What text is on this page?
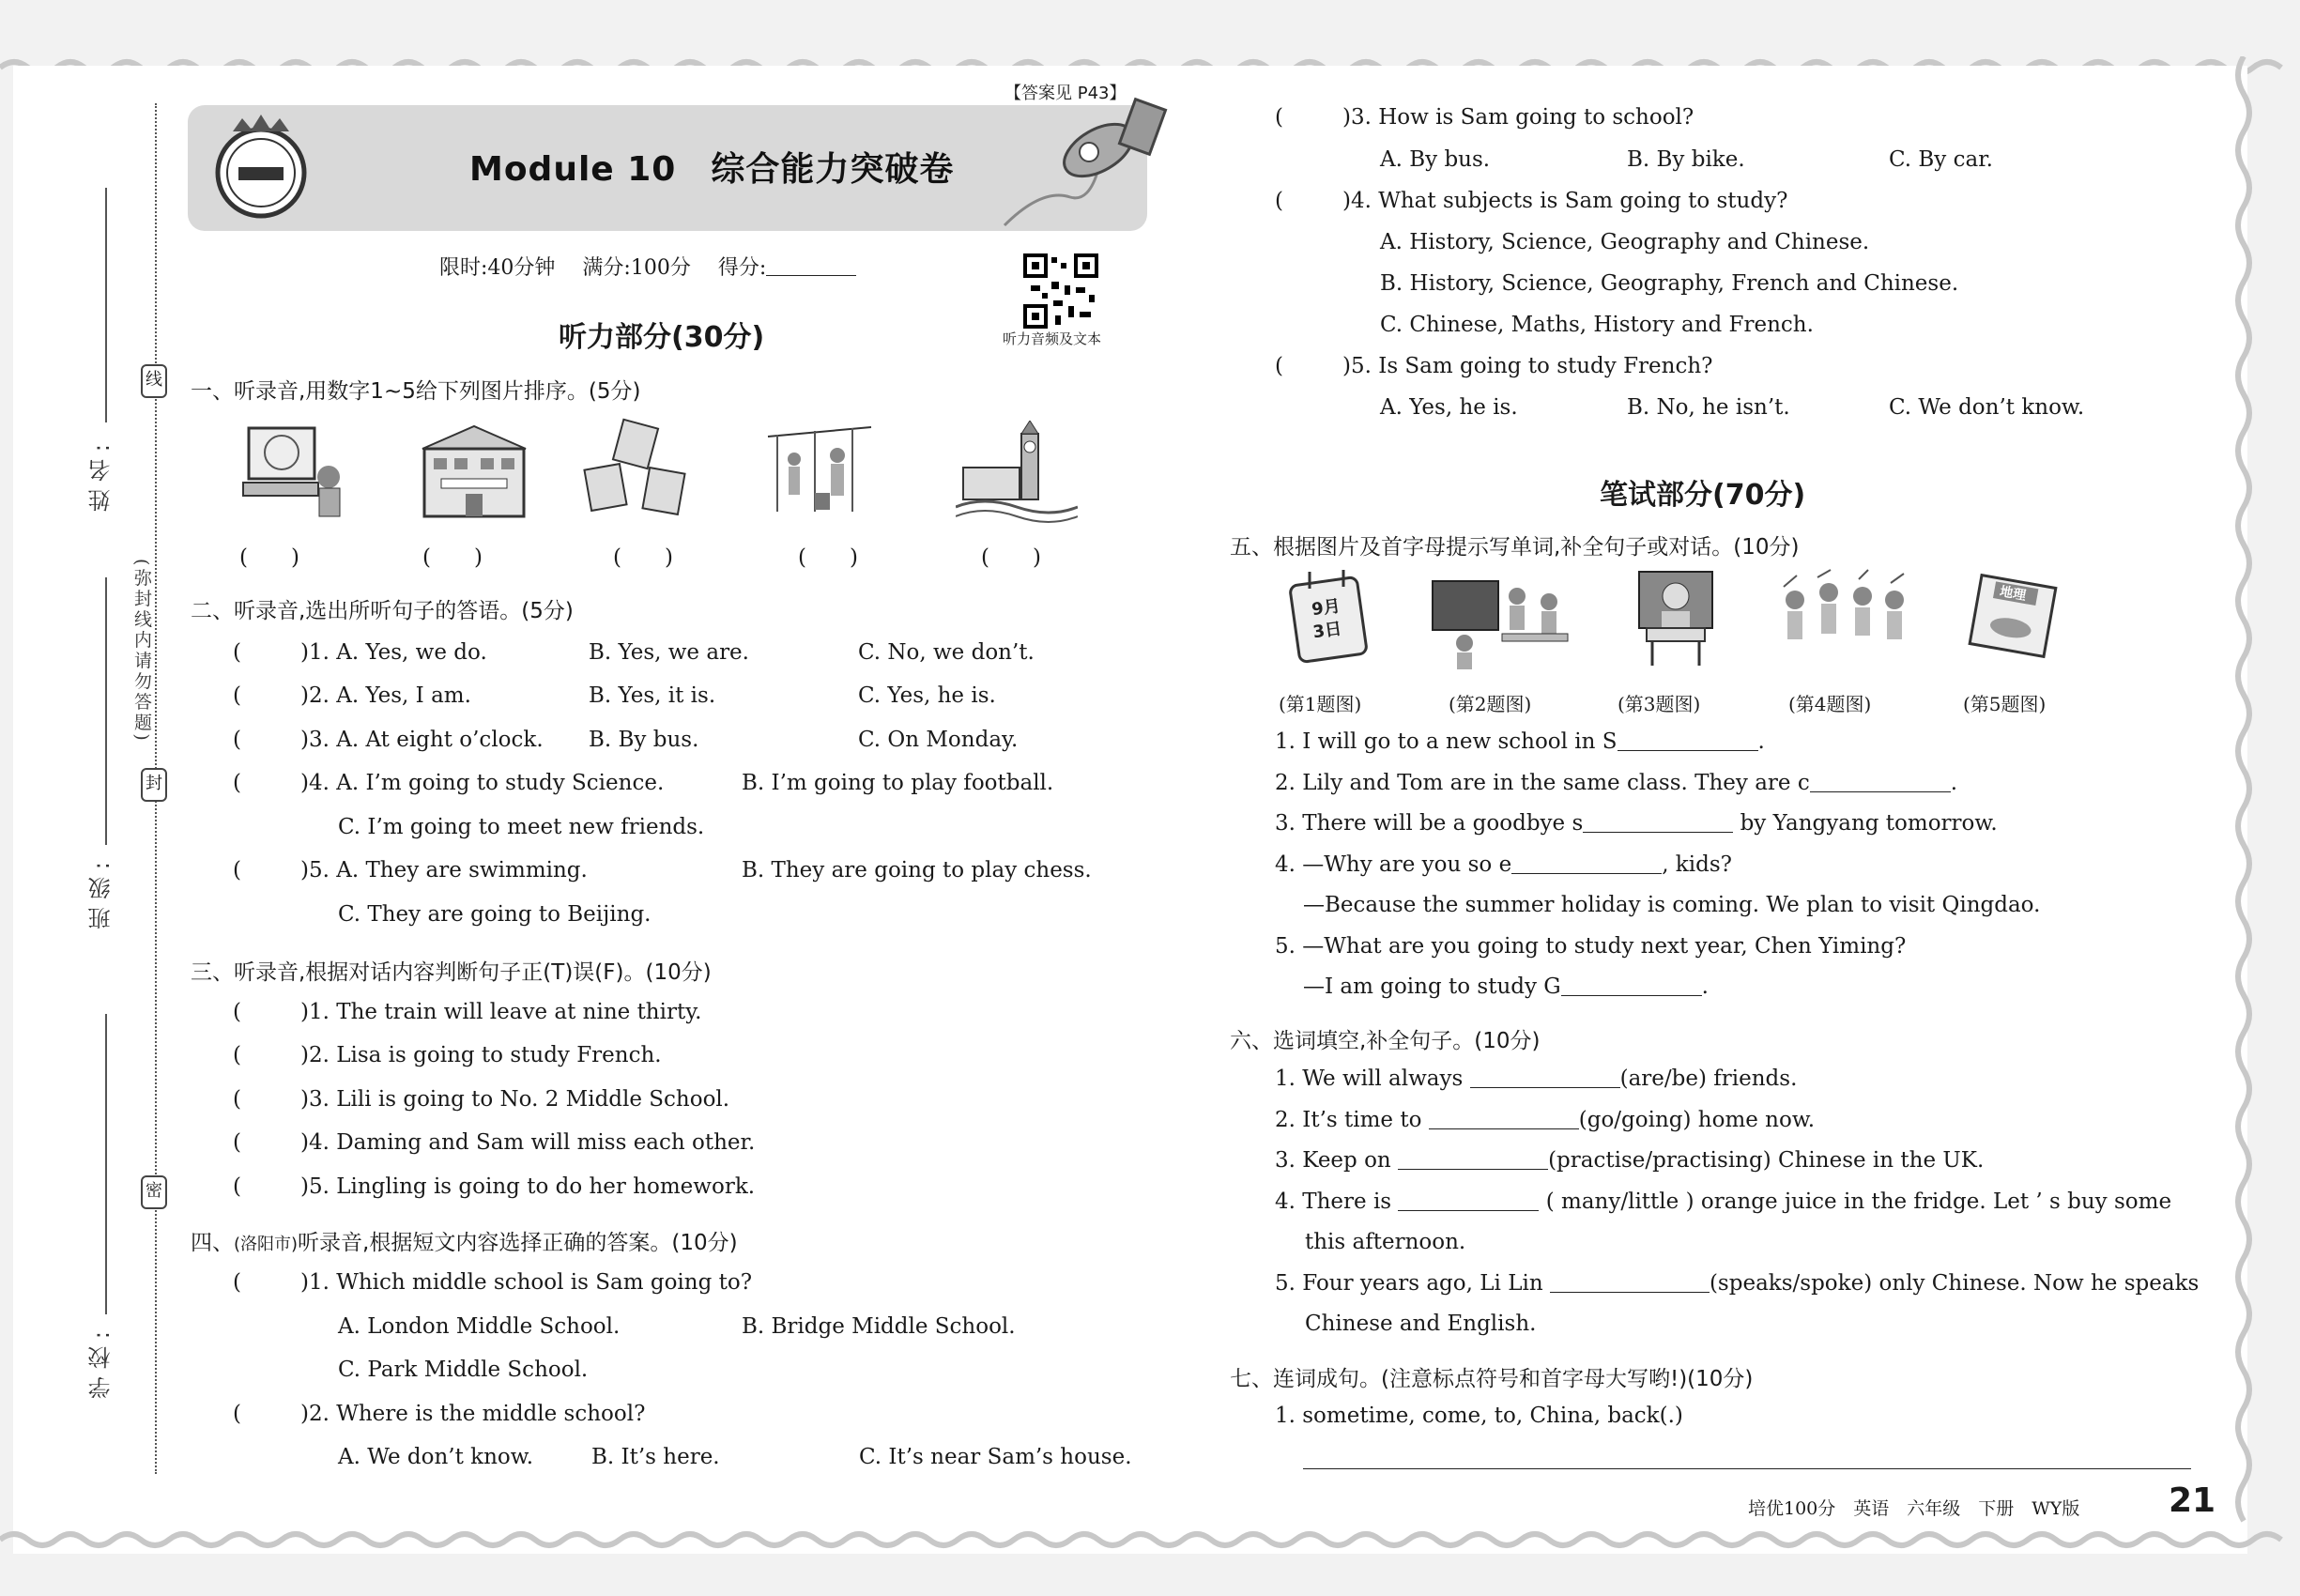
姓名:
班级:
学校:
线
封
密
(弥封线内请勿答题)
【答案见 P43】
Module 10　综合能力突破卷
限时:40分钟　 满分:100分　 得分:
听力音频及文本
听力部分(30分)
一、听录音,用数字1~5给下列图片排序。(5分)
(　　)	(　　)	(　　)	(　　)	(　　)
二、听录音,选出所听句子的答语。(5分)
(	)1. A. Yes, we do.	B. Yes, we are.	C. No, we don’t.
(	)2. A. Yes, I am.	B. Yes, it is.	C. Yes, he is.
(	)3. A. At eight o’clock. B. By bus.	C. On Monday.
(	)4. A. I’m going to study Science.	B. I’m going to play football.
C. I’m going to meet new friends.
(	)5. A. They are swimming.	B. They are going to play chess.
C. They are going to Beijing.
三、听录音,根据对话内容判断句子正(T)误(F)。(10分)
(	)1. The train will leave at nine thirty.
(	)2. Lisa is going to study French.
(	)3. Lili is going to No. 2 Middle School.
(	)4. Daming and Sam will miss each other.
(	)5. Lingling is going to do her homework.
四、(洛阳市)听录音,根据短文内容选择正确的答案。(10分)
(	)1. Which middle school is Sam going to?
A. London Middle School.	B. Bridge Middle School.
C. Park Middle School.
(	)2. Where is the middle school?
A. We don’t know.	B. It’s here.	C. It’s near Sam’s house.
(	)3. How is Sam going to school?
A. By bus.	B. By bike.	C. By car.
(	)4. What subjects is Sam going to study?
A. History, Science, Geography and Chinese.
B. History, Science, Geography, French and Chinese.
C. Chinese, Maths, History and French.
(	)5. Is Sam going to study French?
A. Yes, he is.	B. No, he isn’t.	C. We don’t know.
笔试部分(70分)
五、根据图片及首字母提示写单词,补全句子或对话。(10分)
9月
3日
地理
(第1题图)	(第2题图)	(第3题图)	(第4题图)	(第5题图)
1. I will go to a new school in S	.
2. Lily and Tom are in the same class. They are c	.
3. There will be a goodbye s	by Yangyang tomorrow.
4. —Why are you so e	, kids?
—Because the summer holiday is coming. We plan to visit Qingdao.
5. —What are you going to study next year, Chen Yiming?
—I am going to study G	.
六、选词填空,补全句子。(10分)
1. We will always	(are/be) friends.
2. It’s time to	(go/going) home now.
3. Keep on	(practise/practising) Chinese in the UK.
4. There is	( many/little ) orange juice in the fridge. Let ’ s buy some
this afternoon.
5. Four years ago, Li Lin	(speaks/spoke) only Chinese. Now he speaks
Chinese and English.
七、连词成句。(注意标点符号和首字母大写哟!)(10分)
1. sometime, come, to, China, back(.)
培优100分　英语　六年级　下册　WY版	21
